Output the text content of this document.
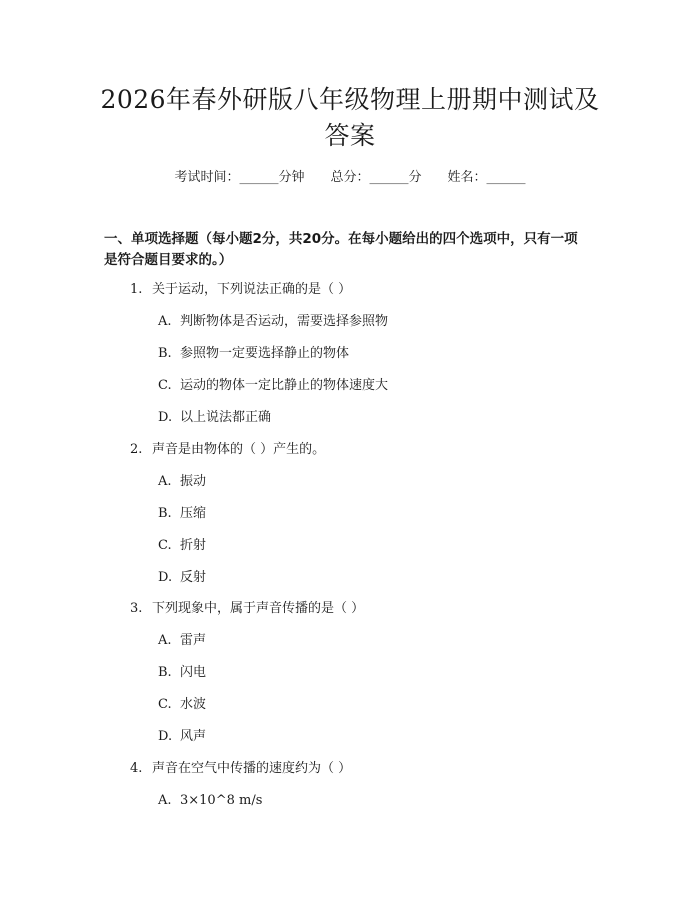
2026年春外研版八年级物理上册期中测试及答案
考试时间：______分钟 总分：______分 姓名：______
一、单项选择题（每小题2分，共20分。在每小题给出的四个选项中，只有一项
是符合题目要求的。）
1. 关于运动，下列说法正确的是（ ）
A. 判断物体是否运动，需要选择参照物
B. 参照物一定要选择静止的物体
C. 运动的物体一定比静止的物体速度大
D. 以上说法都正确
2. 声音是由物体的（ ）产生的。
A. 振动
B. 压缩
C. 折射
D. 反射
3. 下列现象中，属于声音传播的是（ ）
A. 雷声
B. 闪电
C. 水波
D. 风声
4. 声音在空气中传播的速度约为（ ）
A. 3×10^8 m/s
